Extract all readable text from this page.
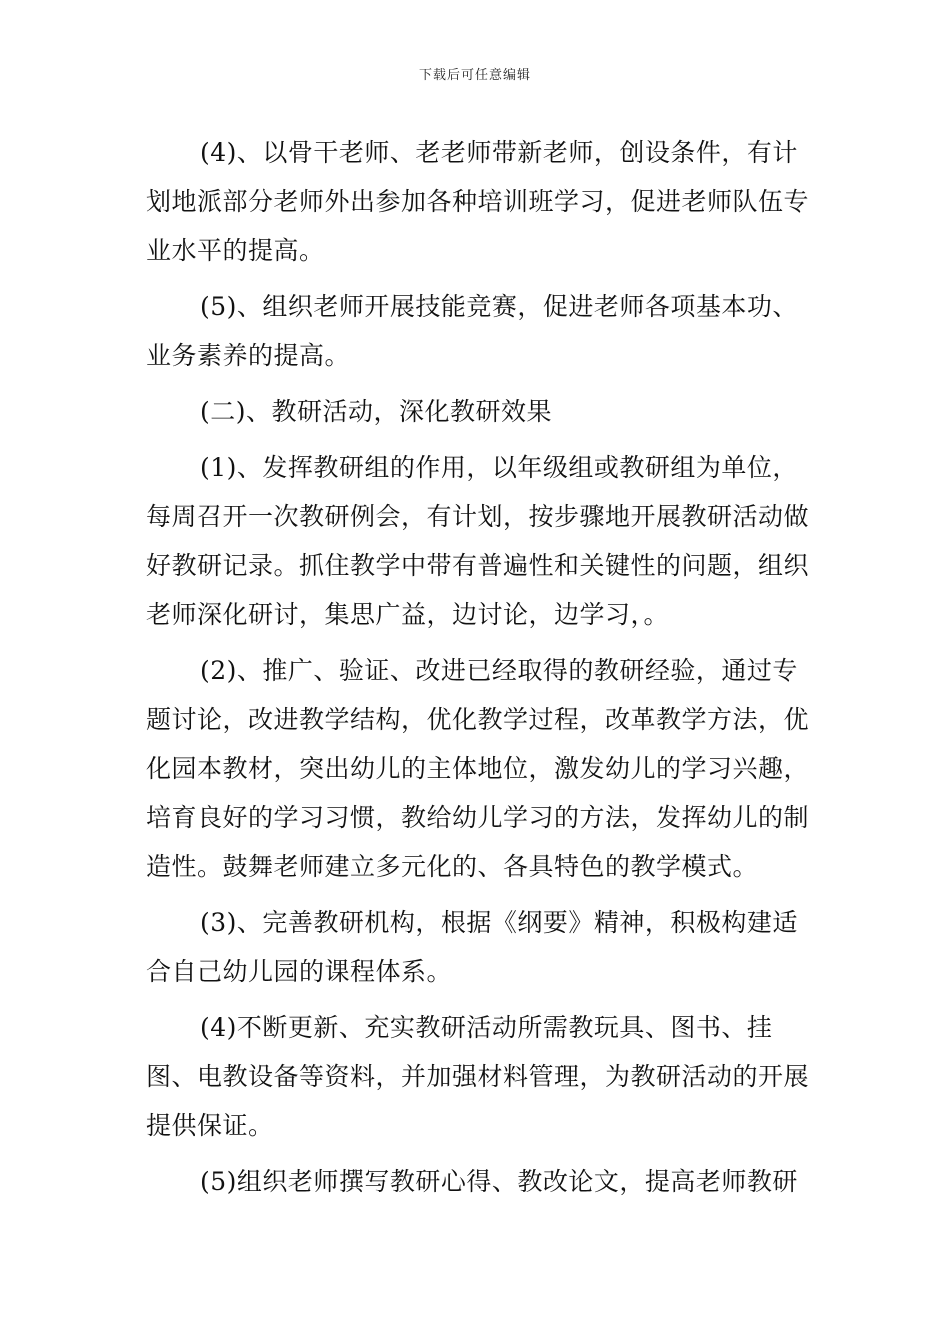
下载后可任意编辑

(4)、以骨干老师、老老师带新老师，创设条件，有计划地派部分老师外出参加各种培训班学习，促进老师队伍专业水平的提高。

(5)、组织老师开展技能竞赛，促进老师各项基本功、业务素养的提高。

(二)、教研活动，深化教研效果

(1)、发挥教研组的作用，以年级组或教研组为单位，每周召开一次教研例会，有计划，按步骤地开展教研活动做好教研记录。抓住教学中带有普遍性和关键性的问题，组织老师深化研讨，集思广益，边讨论，边学习，。

(2)、推广、验证、改进已经取得的教研经验，通过专题讨论，改进教学结构，优化教学过程，改革教学方法，优化园本教材，突出幼儿的主体地位，激发幼儿的学习兴趣，培育良好的学习习惯，教给幼儿学习的方法，发挥幼儿的制造性。鼓舞老师建立多元化的、各具特色的教学模式。

(3)、完善教研机构，根据《纲要》精神，积极构建适合自己幼儿园的课程体系。

(4)不断更新、充实教研活动所需教玩具、图书、挂图、电教设备等资料，并加强材料管理，为教研活动的开展提供保证。

(5)组织老师撰写教研心得、教改论文，提高老师教研
